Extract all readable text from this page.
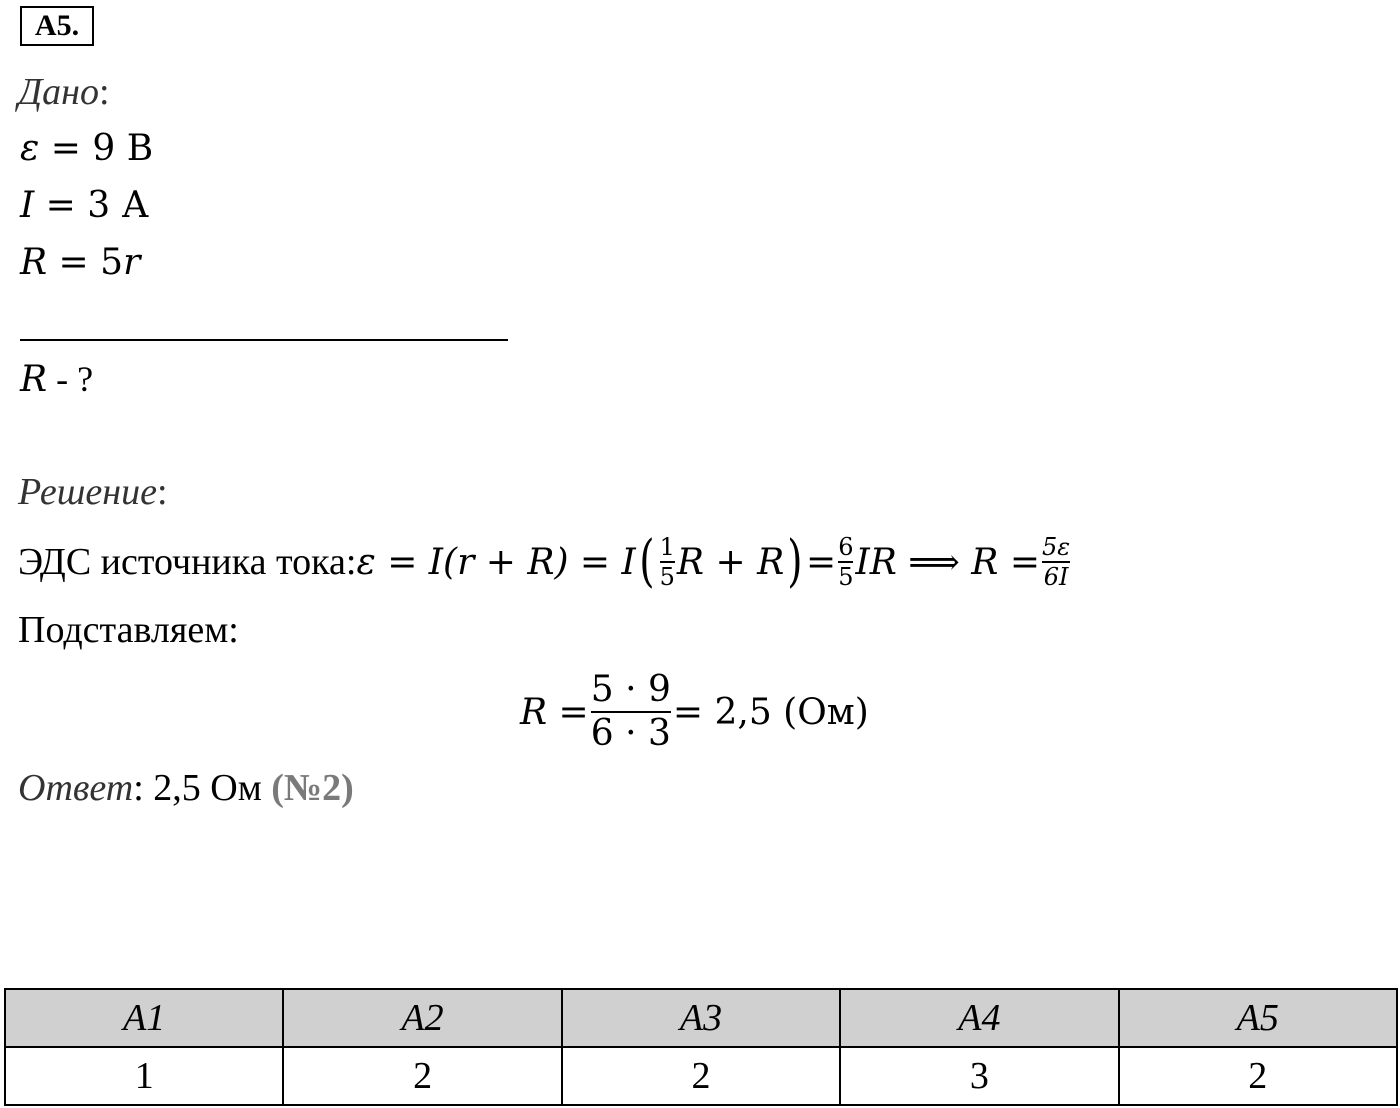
А5.
Дано:
ε = 9 В
I = 3 А
R = 5r
R - ?
Решение:
ЭДС источника тока: ε = I(r + R) = I ( $\frac{1}{5}$ R + R ) = $\frac{6}{5}$ IR ⟹ $R = \frac{5\varepsilon}{6I}$
Подставляем:
$R = \frac{5 \cdot 9}{6 \cdot 3} = 2,5$ (Ом)
Ответ: 2,5 Ом (№2)
А1	А2	А3	А4	А5
1	2	2	3	2
